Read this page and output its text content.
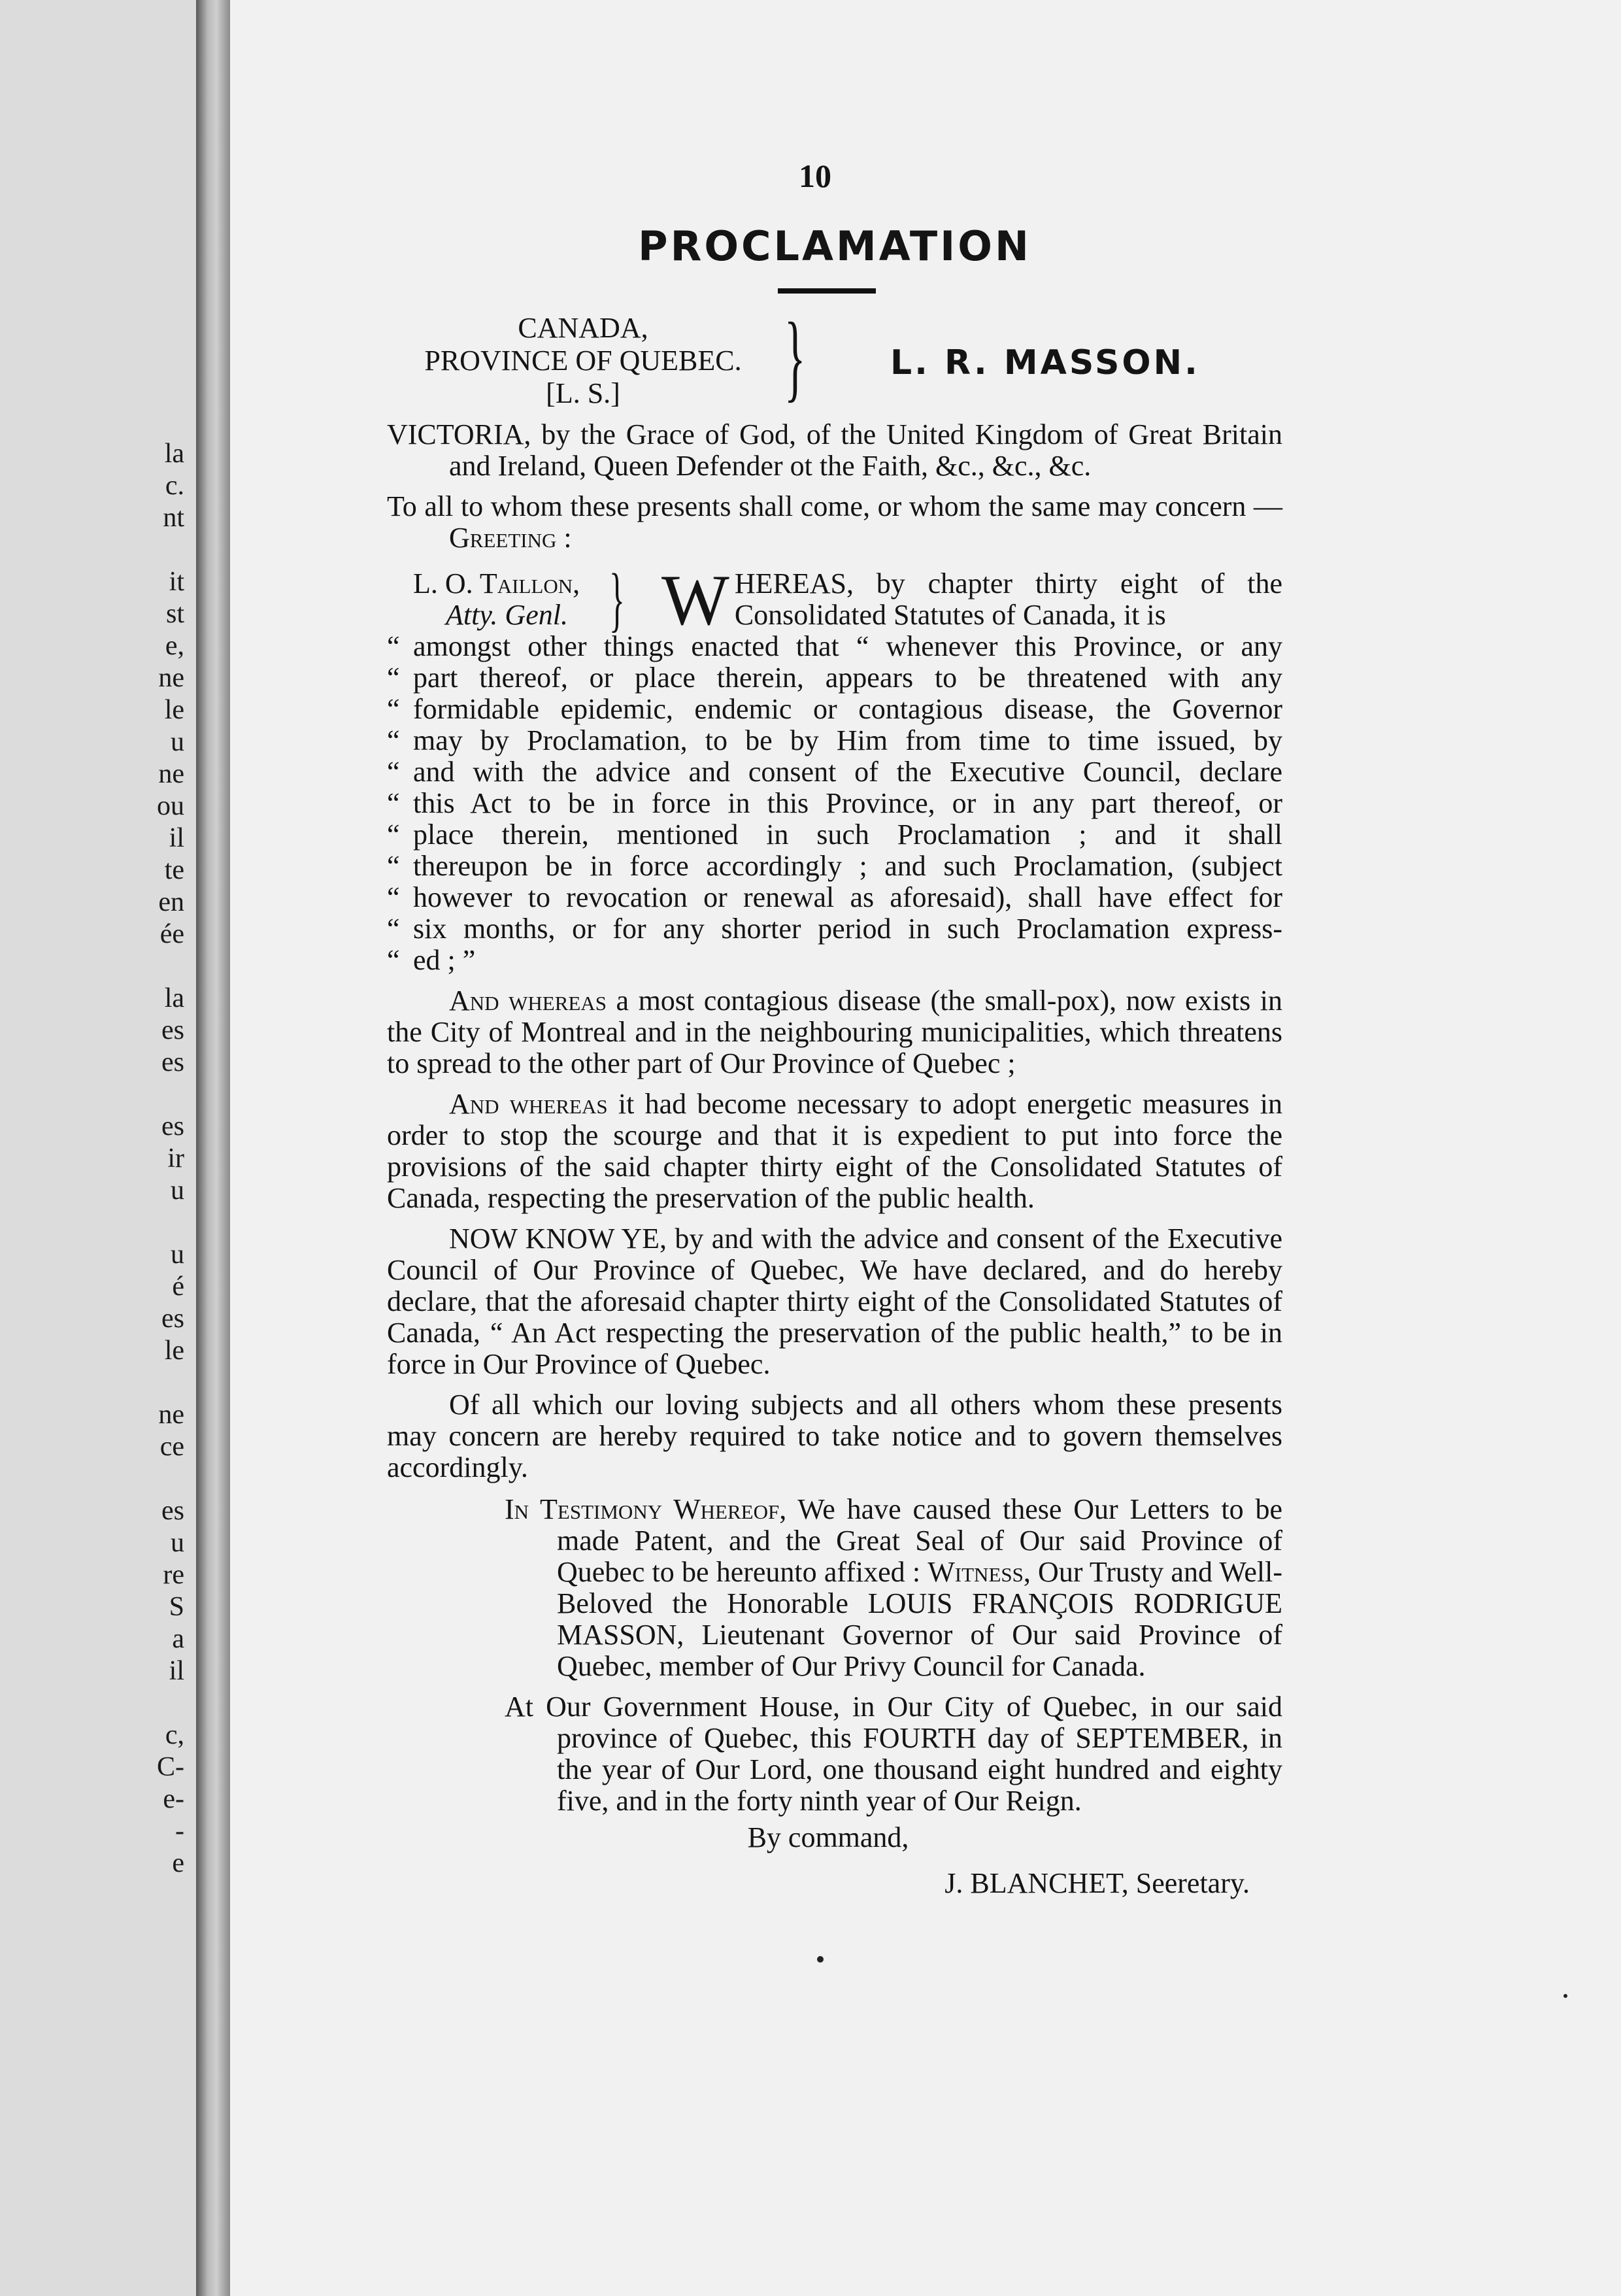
la
c.
nt
it
st
e,
ne
le
u
ne
ou
il
te
en
ée
la
es
es
es
ir
u
u
é
es
le
ne
ce
es
u
re
S
a
il
c,
C-
e-
-
e
10
PROCLAMATION
CANADA,
PROVINCE OF QUEBEC.
[L. S.]	} L. R. MASSON.
VICTORIA, by the Grace of God, of the United Kingdom of Great Britain and Ireland, Queen Defender ot the Faith, &c., &c., &c.
To all to whom these presents shall come, or whom the same may concern — Greeting :
L. O. Taillon,
Atty. Genl. } WHEREAS, by chapter thirty eight of the Consolidated Statutes of Canada, it is
“ amongst other things enacted that “ whenever this Province, or any
“ part thereof, or place therein, appears to be threatened with any
“ formidable epidemic, endemic or contagious disease, the Governor
“ may by Proclamation, to be by Him from time to time issued, by
“ and with the advice and consent of the Executive Council, declare
“ this Act to be in force in this Province, or in any part thereof, or
“ place therein, mentioned in such Proclamation ; and it shall
“ thereupon be in force accordingly ; and such Proclamation, (subject
“ however to revocation or renewal as aforesaid), shall have effect for
“ six months, or for any shorter period in such Proclamation express-
“ ed ; ”
And whereas a most contagious disease (the small-pox), now exists in the City of Montreal and in the neighbouring municipalities, which threatens to spread to the other part of Our Province of Quebec ;
And whereas it had become necessary to adopt energetic measures in order to stop the scourge and that it is expedient to put into force the provisions of the said chapter thirty eight of the Consolidated Statutes of Canada, respecting the preservation of the public health.
NOW KNOW YE, by and with the advice and consent of the Executive Council of Our Province of Quebec, We have declared, and do hereby declare, that the aforesaid chapter thirty eight of the Consolidated Statutes of Canada, “ An Act respecting the preservation of the public health,” to be in force in Our Province of Quebec.
Of all which our loving subjects and all others whom these presents may concern are hereby required to take notice and to govern themselves accordingly.
In Testimony Whereof, We have caused these Our Letters to be made Patent, and the Great Seal of Our said Province of Quebec to be hereunto affixed : Witness, Our Trusty and Well-Beloved the Honorable LOUIS FRANÇOIS RODRIGUE MASSON, Lieutenant Governor of Our said Province of Quebec, member of Our Privy Council for Canada.
At Our Government House, in Our City of Quebec, in our said province of Quebec, this FOURTH day of SEPTEMBER, in the year of Our Lord, one thousand eight hundred and eighty five, and in the forty ninth year of Our Reign.
By command,
J. BLANCHET, Seeretary.
